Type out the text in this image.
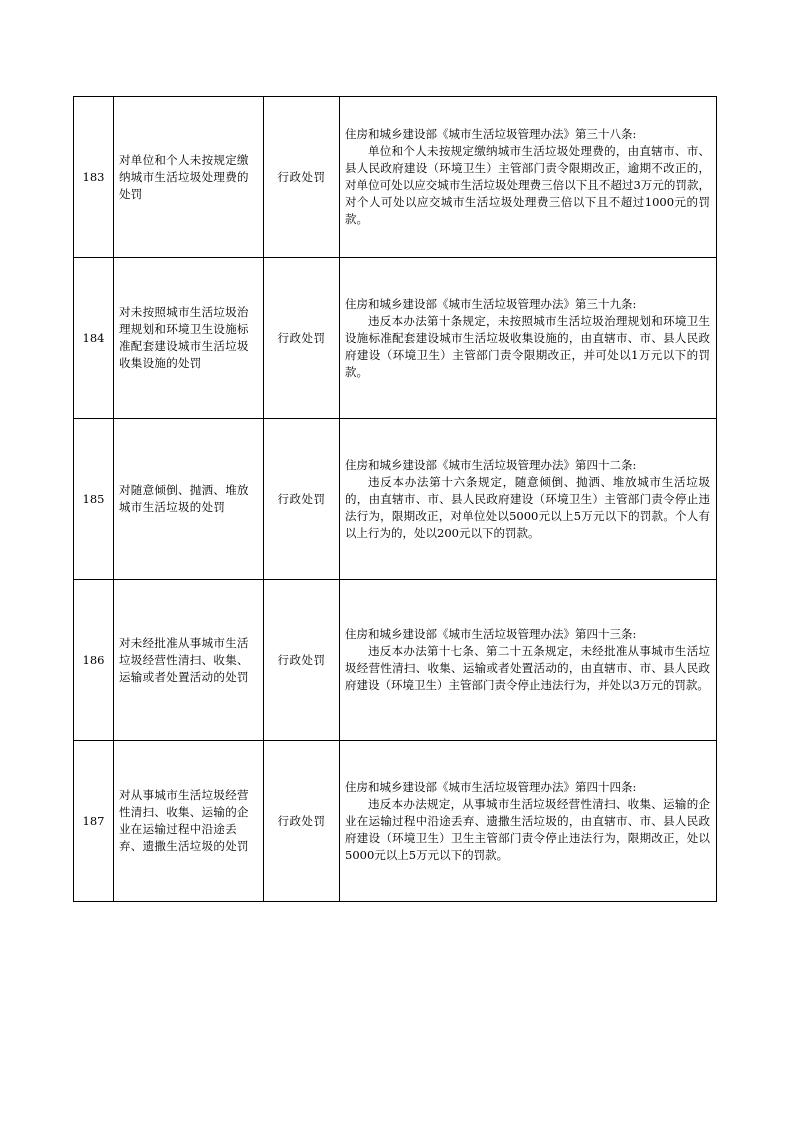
183	对单位和个人未按规定缴纳城市生活垃圾处理费的处罚	行政处罚	住房和城乡建设部《城市生活垃圾管理办法》第三十八条:
单位和个人未按规定缴纳城市生活垃圾处理费的，由直辖市、市、县人民政府建设（环境卫生）主管部门责令限期改正，逾期不改正的，对单位可处以应交城市生活垃圾处理费三倍以下且不超过3万元的罚款，对个人可处以应交城市生活垃圾处理费三倍以下且不超过1000元的罚款。

184	对未按照城市生活垃圾治理规划和环境卫生设施标准配套建设城市生活垃圾收集设施的处罚	行政处罚	住房和城乡建设部《城市生活垃圾管理办法》第三十九条:
违反本办法第十条规定，未按照城市生活垃圾治理规划和环境卫生设施标准配套建设城市生活垃圾收集设施的，由直辖市、市、县人民政府建设（环境卫生）主管部门责令限期改正，并可处以1万元以下的罚款。

185	对随意倾倒、抛洒、堆放城市生活垃圾的处罚	行政处罚	住房和城乡建设部《城市生活垃圾管理办法》第四十二条:
违反本办法第十六条规定，随意倾倒、抛洒、堆放城市生活垃圾的，由直辖市、市、县人民政府建设（环境卫生）主管部门责令停止违法行为，限期改正，对单位处以5000元以上5万元以下的罚款。个人有以上行为的，处以200元以下的罚款。

186	对未经批准从事城市生活垃圾经营性清扫、收集、运输或者处置活动的处罚	行政处罚	住房和城乡建设部《城市生活垃圾管理办法》第四十三条:
违反本办法第十七条、第二十五条规定，未经批准从事城市生活垃圾经营性清扫、收集、运输或者处置活动的，由直辖市、市、县人民政府建设（环境卫生）主管部门责令停止违法行为，并处以3万元的罚款。

187	对从事城市生活垃圾经营性清扫、收集、运输的企业在运输过程中沿途丢弃、遗撒生活垃圾的处罚	行政处罚	住房和城乡建设部《城市生活垃圾管理办法》第四十四条:
违反本办法规定，从事城市生活垃圾经营性清扫、收集、运输的企业在运输过程中沿途丢弃、遗撒生活垃圾的，由直辖市、市、县人民政府建设（环境卫生）卫生主管部门责令停止违法行为，限期改正，处以5000元以上5万元以下的罚款。
